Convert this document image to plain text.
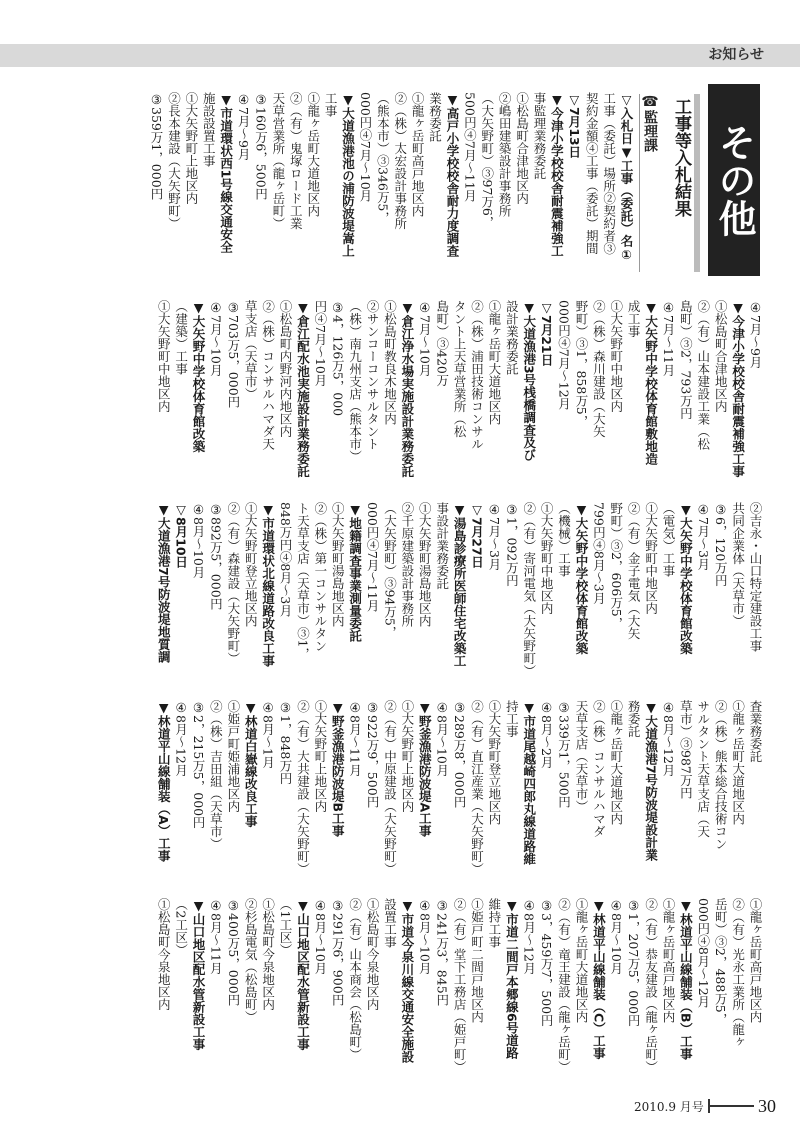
お知らせ
その他
工事等入札結果
☎監理課
▽入札日▼工事（委託）名①
工事（委託）場所②契約者③
契約金額④工事（委託）期間
▽7月13日
▼今津小学校校舎耐震補強工
事監理業務委託
①松島町合津地区内
②嶋田建築設計事務所
（大矢野町）③97万6，
500円④7月～11月
▼高戸小学校校舎耐力度調査
業務委託
①龍ヶ岳町高戸地区内
②（株）太宏設計事務所
（熊本市）③346万5，
000円④7月～10月
▼大道漁港池の浦防波堤嵩上
工事
①龍ヶ岳町大道地区内
②（有）鬼塚ロード工業
天草営業所（龍ヶ岳町）
③160万6，500円
④7月～9月
▼市道環状西1号線交通安全
施設設置工事
①大矢野町上地区内
②長本建設（大矢野町）
③359万1，000円
④7月～9月
▼今津小学校校舎耐震補強工事
①松島町合津地区内
②（有）山本建設工業（松
島町）③2，793万円
④7月～11月
▼大矢野中学校体育館敷地造
成工事
①大矢野町中地区内
②（株）森川建設（大矢
野町）③1，858万5，
000円④7月～12月
▽7月21日
▼大道漁港3号桟橋調査及び
設計業務委託
①龍ヶ岳町大道地区内
②（株）浦田技術コンサル
タント上天草営業所（松
島町）③420万
④7月～10月
▼倉江浄水場実施設計業務委託
①松島町教良木地区内
②サンコーコンサルタント
（株）南九州支店（熊本市）
③4，126万5，000
円④7月～10月
▼倉江配水池実施設計業務委託
①松島町内野河内地区内
②（株）コンサルハマダ天
草支店（天草市）
③703万5，000円
④7月～10月
▼大矢野中学校体育館改築
（建築）工事
①大矢野町中地区内
②吉永・山口特定建設工事
共同企業体（天草市）
③6，120万円
④7月～3月
▼大矢野中学校体育館改築
（電気）工事
①大矢野町中地区内
②（有）金子電気（大矢
野町）③2，606万5，
799円④8月～3月
▼大矢野中学校体育館改築
（機械）工事
①大矢野町中地区内
②（有）寄河電気（大矢野町）
③1，092万円
④7月～3月
▽7月27日
▼湯島診療所医師住宅改築工
事設計業務委託
①大矢野町湯島地区内
②千原建築設計事務所
（大矢野町）③94万5，
000円④7月～11月
▼地籍調査事業測量委託
①大矢野町湯島地区内
②（株）第一コンサルタン
ト天草支店（天草市）③1，
848万円④8月～3月
▼市道環状北線道路改良工事
①大矢野町登立地区内
②（有）森建設（大矢野町）
③892万5，000円
④8月～10月
▽8月10日
▼大道漁港7号防波堤地質調
査業務委託
①龍ヶ岳町大道地区内
②（株）熊本総合技術コン
サルタント天草支店（天
草市）③987万円
④8月～12月
▼大道漁港7号防波堤設計業
務委託
①龍ヶ岳町大道地区内
②（株）コンサルハマダ
天草支店（天草市）
③339万1，500円
④8月～2月
▼市道尾越崎四郎丸線道路維
持工事
①大矢野町登立地区内
②（有）直江産業（大矢野町）
③289万8，000円
④8月～10月
▼野釜漁港防波堤A工事
①大矢野町上地区内
②（有）中原建設（大矢野町）
③922万9，500円
④8月～11月
▼野釜漁港防波堤B工事
①大矢野町上地区内
②（有）大共建設（大矢野町）
③1，848万円
④8月～1月
▼林道白嶽線改良工事
①姫戸町姫浦地区内
②（株）吉田組（天草市）
③2，215万5，000円
④8月～12月
▼林道平山線舗装（A）工事
①龍ヶ岳町高戸地区内
②（有）光永工業所（龍ヶ
岳町）③2，488万5，
000円④8月～12月
▼林道平山線舗装（B）工事
①龍ヶ岳町高戸地区内
②（有）恭友建設（龍ヶ岳町）
③1，207万5，000円
④8月～10月
▼林道平山線舗装（C）工事
①龍ヶ岳町大道地区内
②（有）竜王建設（龍ヶ岳町）
③3，459万7，500円
④8月～12月
▼市道二間戸本郷線6号道路
維持工事
①姫戸町二間戸地区内
②（有）堂下工務店（姫戸町）
③241万3，845円
④8月～10月
▼市道今泉川線交通安全施設
設置工事
①松島町今泉地区内
②（有）山本商会（松島町）
③291万6，900円
④8月～10月
▼山口地区配水管新設工事
（1工区）
①松島町今泉地区内
②杉島電気（松島町）
③400万5，000円
④8月～11月
▼山口地区配水管新設工事
（2工区）
①松島町今泉地区内
2010.9 月号	30
